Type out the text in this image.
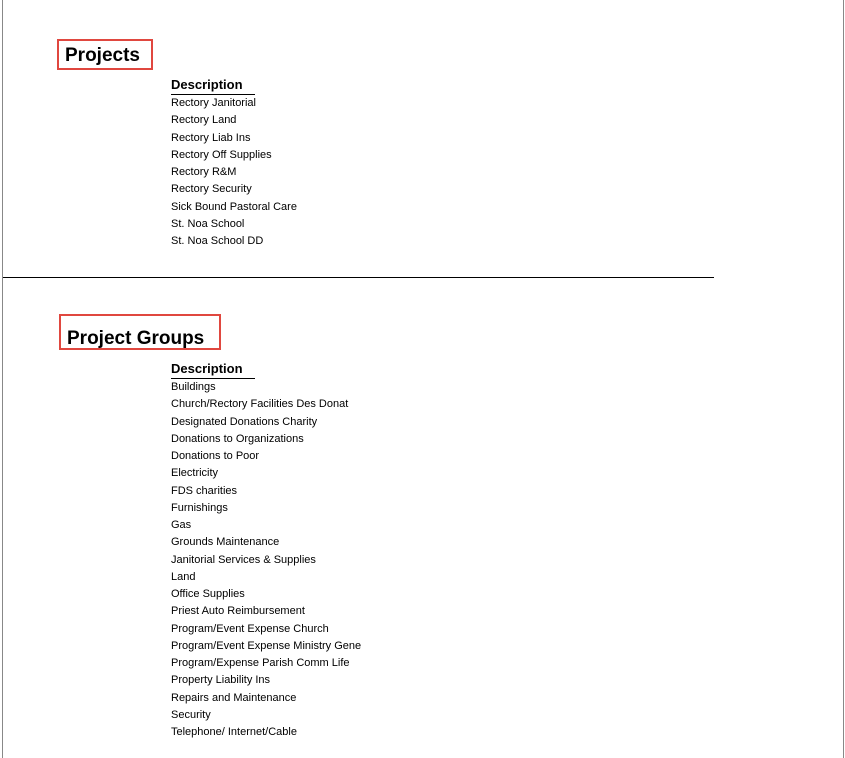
Projects
Description
Rectory Janitorial
Rectory Land
Rectory Liab Ins
Rectory Off Supplies
Rectory R&M
Rectory Security
Sick Bound Pastoral Care
St. Noa School
St. Noa School DD
Project Groups
Description
Buildings
Church/Rectory Facilities Des Donat
Designated Donations Charity
Donations to Organizations
Donations to Poor
Electricity
FDS charities
Furnishings
Gas
Grounds Maintenance
Janitorial Services & Supplies
Land
Office Supplies
Priest Auto Reimbursement
Program/Event Expense Church
Program/Event Expense Ministry Gene
Program/Expense Parish Comm Life
Property Liability Ins
Repairs and Maintenance
Security
Telephone/ Internet/Cable
